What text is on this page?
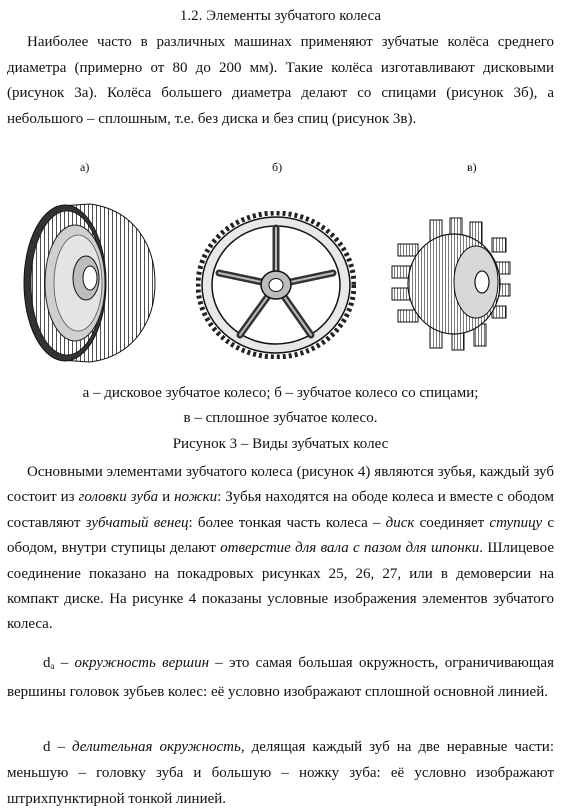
1.2. Элементы зубчатого колеса

Наиболее часто в различных машинах применяют зубчатые колёса среднего диаметра (примерно от 80 до 200 мм). Такие колёса изготавливают дисковыми (рисунок 3а). Колёса большего диаметра делают со спицами (рисунок 3б), а небольшого – сплошным, т.е. без диска и без спиц (рисунок 3в).

а)	б)	в)
а – дисковое зубчатое колесо; б – зубчатое колесо со спицами;
в – сплошное зубчатое колесо.
Рисунок 3 – Виды зубчатых колес

Основными элементами зубчатого колеса (рисунок 4) являются зубья, каждый зуб состоит из головки зуба и ножки: Зубья находятся на ободе колеса и вместе с ободом составляют зубчатый венец: более тонкая часть колеса – диск соединяет ступицу с ободом, внутри ступицы делают отверстие для вала с пазом для шпонки. Шлицевое соединение показано на покадровых рисунках 25, 26, 27, или в демоверсии на компакт диске. На рисунке 4 показаны условные изображения элементов зубчатого колеса.

$d_a$ – окружность вершин – это самая большая окружность, ограничивающая вершины головок зубьев колес: её условно изображают сплошной основной линией.

d – делительная окружность, делящая каждый зуб на две неравные части: меньшую – головку зуба и большую – ножку зуба: её условно изображают штрихпунктирной тонкой линией.
